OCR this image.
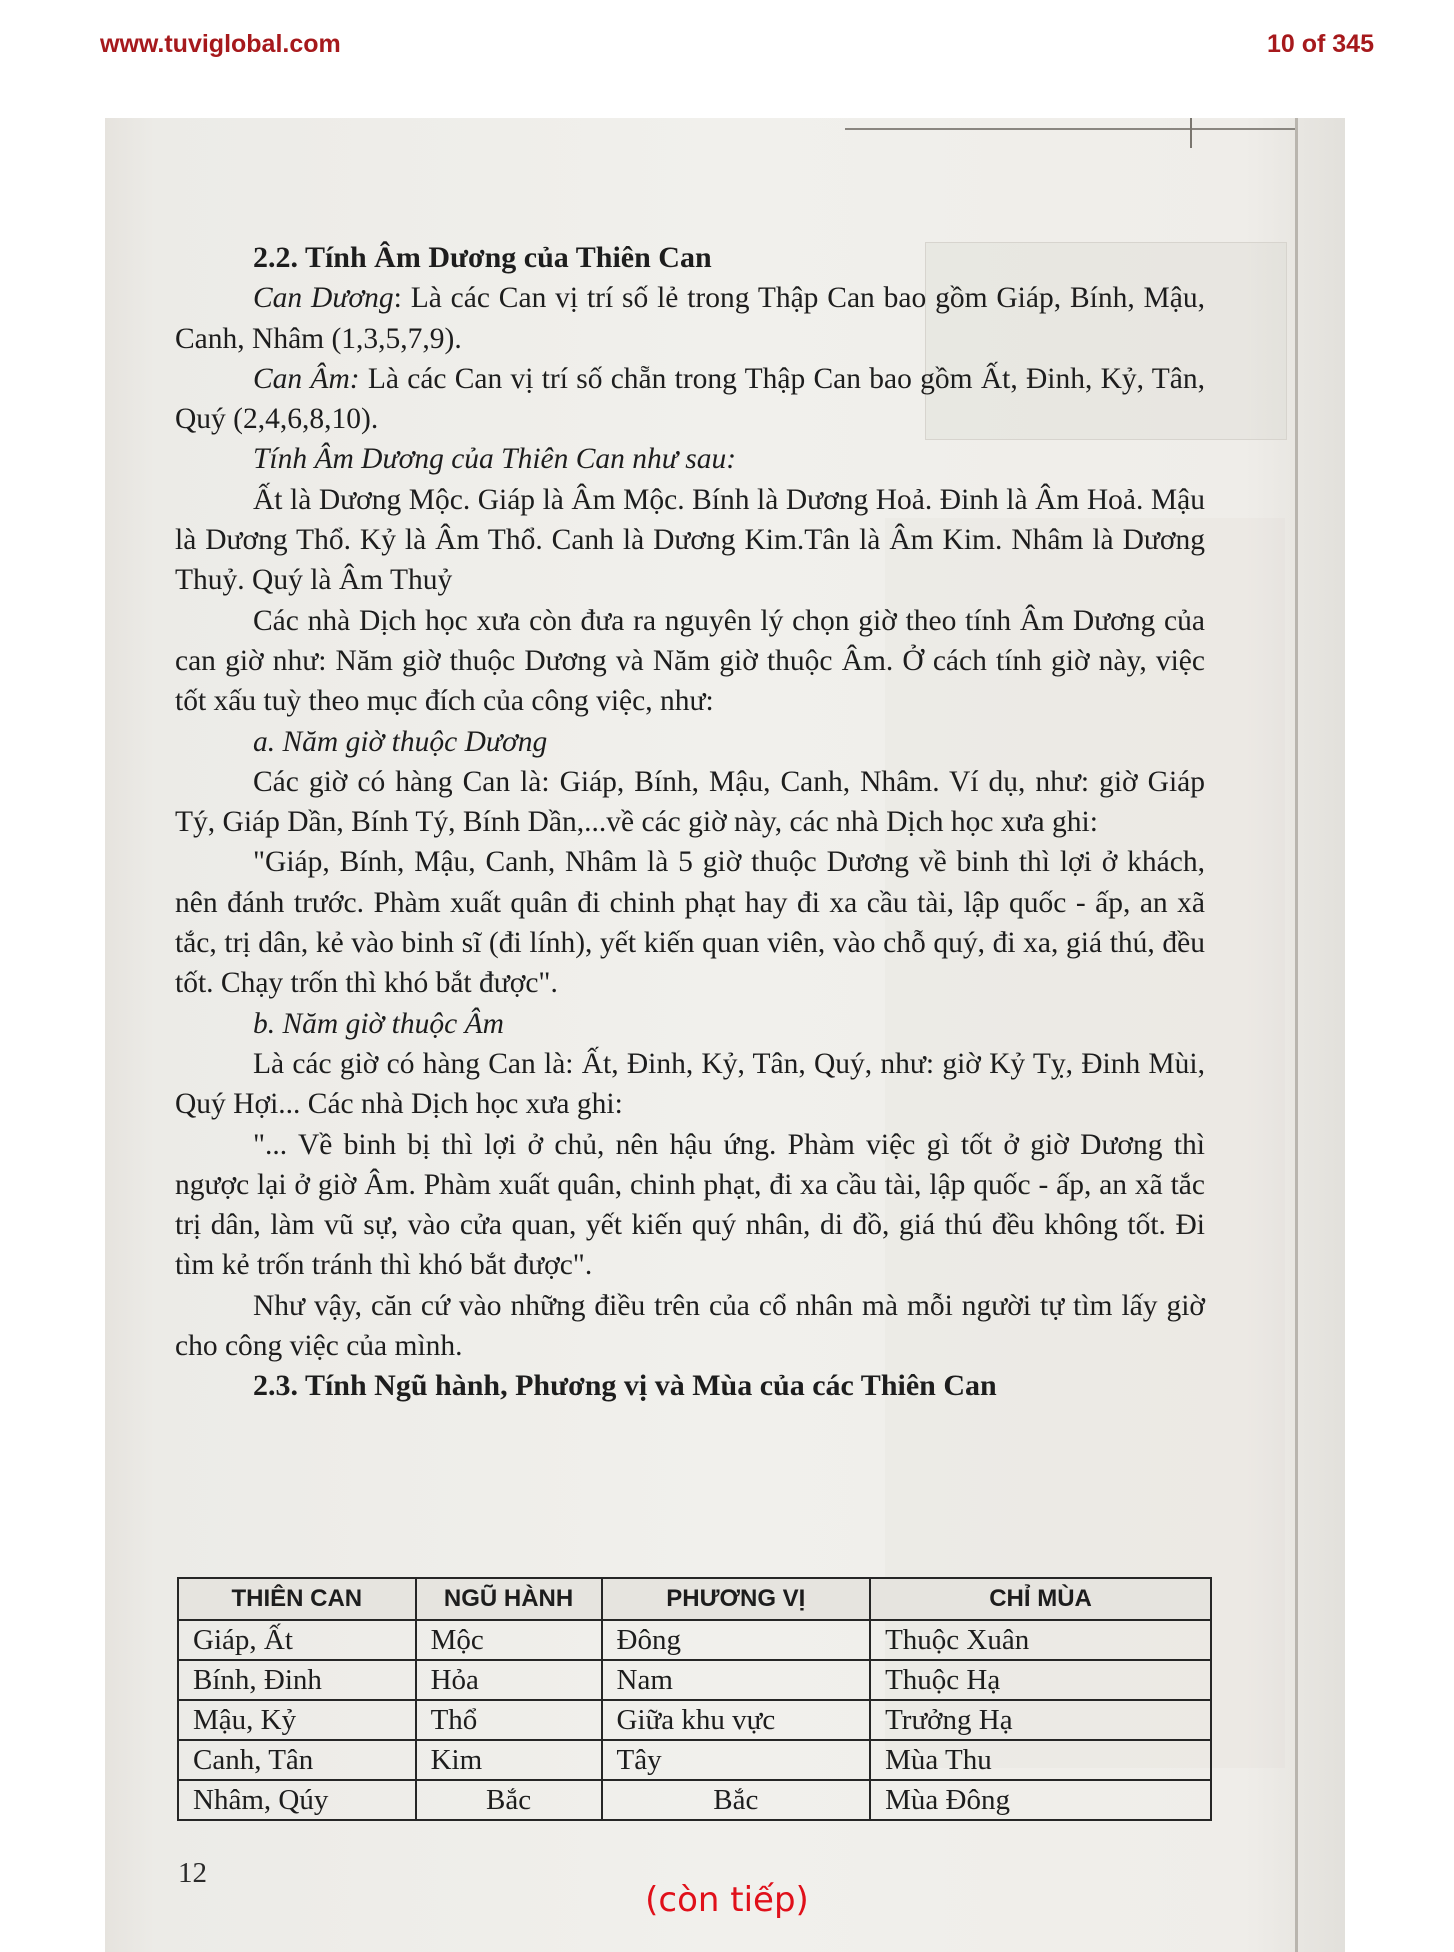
www.tuviglobal.com	10 of 345

2.2. Tính Âm Dương của Thiên Can

Can Dương: Là các Can vị trí số lẻ trong Thập Can bao gồm Giáp, Bính, Mậu, Canh, Nhâm (1,3,5,7,9).

Can Âm: Là các Can vị trí số chẵn trong Thập Can bao gồm Ất, Đinh, Kỷ, Tân, Quý (2,4,6,8,10).

Tính Âm Dương của Thiên Can như sau:

Ất là Dương Mộc. Giáp là Âm Mộc. Bính là Dương Hoả. Đinh là Âm Hoả. Mậu là Dương Thổ. Kỷ là Âm Thổ. Canh là Dương Kim.Tân là Âm Kim. Nhâm là Dương Thuỷ. Quý là Âm Thuỷ

Các nhà Dịch học xưa còn đưa ra nguyên lý chọn giờ theo tính Âm Dương của can giờ như: Năm giờ thuộc Dương và Năm giờ thuộc Âm. Ở cách tính giờ này, việc tốt xấu tuỳ theo mục đích của công việc, như:

a. Năm giờ thuộc Dương

Các giờ có hàng Can là: Giáp, Bính, Mậu, Canh, Nhâm. Ví dụ, như: giờ Giáp Tý, Giáp Dần, Bính Tý, Bính Dần,...về các giờ này, các nhà Dịch học xưa ghi:

"Giáp, Bính, Mậu, Canh, Nhâm là 5 giờ thuộc Dương về binh thì lợi ở khách, nên đánh trước. Phàm xuất quân đi chinh phạt hay đi xa cầu tài, lập quốc - ấp, an xã tắc, trị dân, kẻ vào binh sĩ (đi lính), yết kiến quan viên, vào chỗ quý, đi xa, giá thú, đều tốt. Chạy trốn thì khó bắt được".

b. Năm giờ thuộc Âm

Là các giờ có hàng Can là: Ất, Đinh, Kỷ, Tân, Quý, như: giờ Kỷ Tỵ, Đinh Mùi, Quý Hợi... Các nhà Dịch học xưa ghi:

"... Về binh bị thì lợi ở chủ, nên hậu ứng. Phàm việc gì tốt ở giờ Dương thì ngược lại ở giờ Âm. Phàm xuất quân, chinh phạt, đi xa cầu tài, lập quốc - ấp, an xã tắc trị dân, làm vũ sự, vào cửa quan, yết kiến quý nhân, di đồ, giá thú đều không tốt. Đi tìm kẻ trốn tránh thì khó bắt được".

Như vậy, căn cứ vào những điều trên của cổ nhân mà mỗi người tự tìm lấy giờ cho công việc của mình.

2.3. Tính Ngũ hành, Phương vị và Mùa của các Thiên Can

THIÊN CAN	NGŨ HÀNH	PHƯƠNG VỊ	CHỈ MÙA
Giáp, Ất	Mộc	Đông	Thuộc Xuân
Bính, Đinh	Hỏa	Nam	Thuộc Hạ
Mậu, Kỷ	Thổ	Giữa khu vực	Trưởng Hạ
Canh, Tân	Kim	Tây	Mùa Thu
Nhâm, Qúy	Bắc	Bắc	Mùa Đông
12
(còn tiếp)
